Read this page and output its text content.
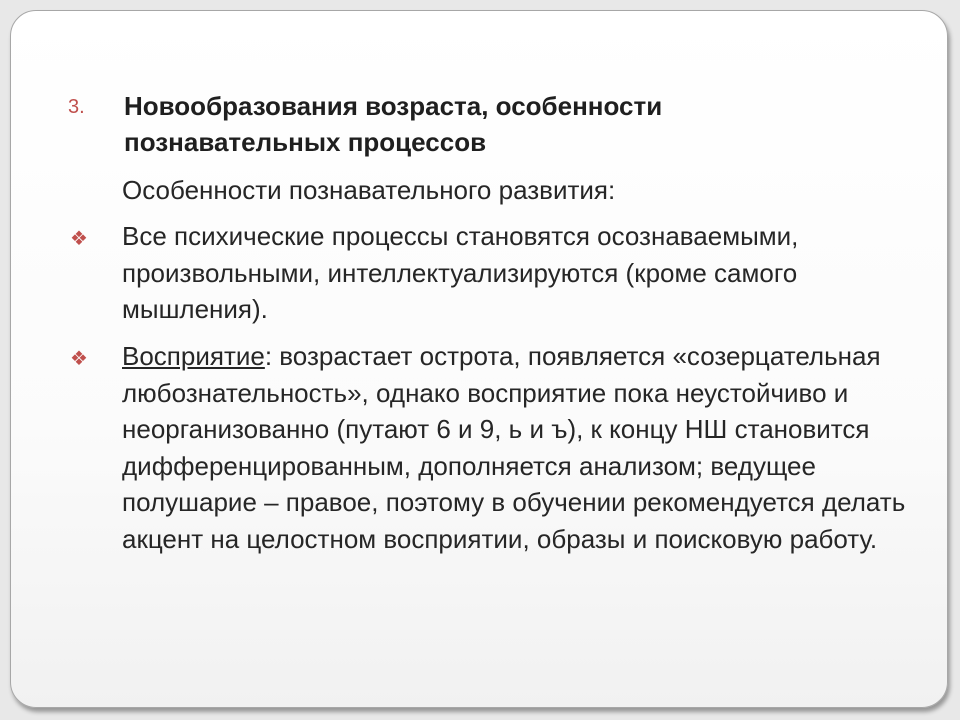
3. Новообразования возраста, особенности познавательных процессов
Особенности познавательного развития:
❖ Все психические процессы становятся осознаваемыми, произвольными, интеллектуализируются (кроме самого мышления).
❖ Восприятие: возрастает острота, появляется «созерцательная любознательность», однако восприятие пока неустойчиво и неорганизованно (путают 6 и 9, ь и ъ), к концу НШ становится дифференцированным, дополняется анализом; ведущее полушарие – правое, поэтому в обучении рекомендуется делать акцент на целостном восприятии, образы и поисковую работу.
